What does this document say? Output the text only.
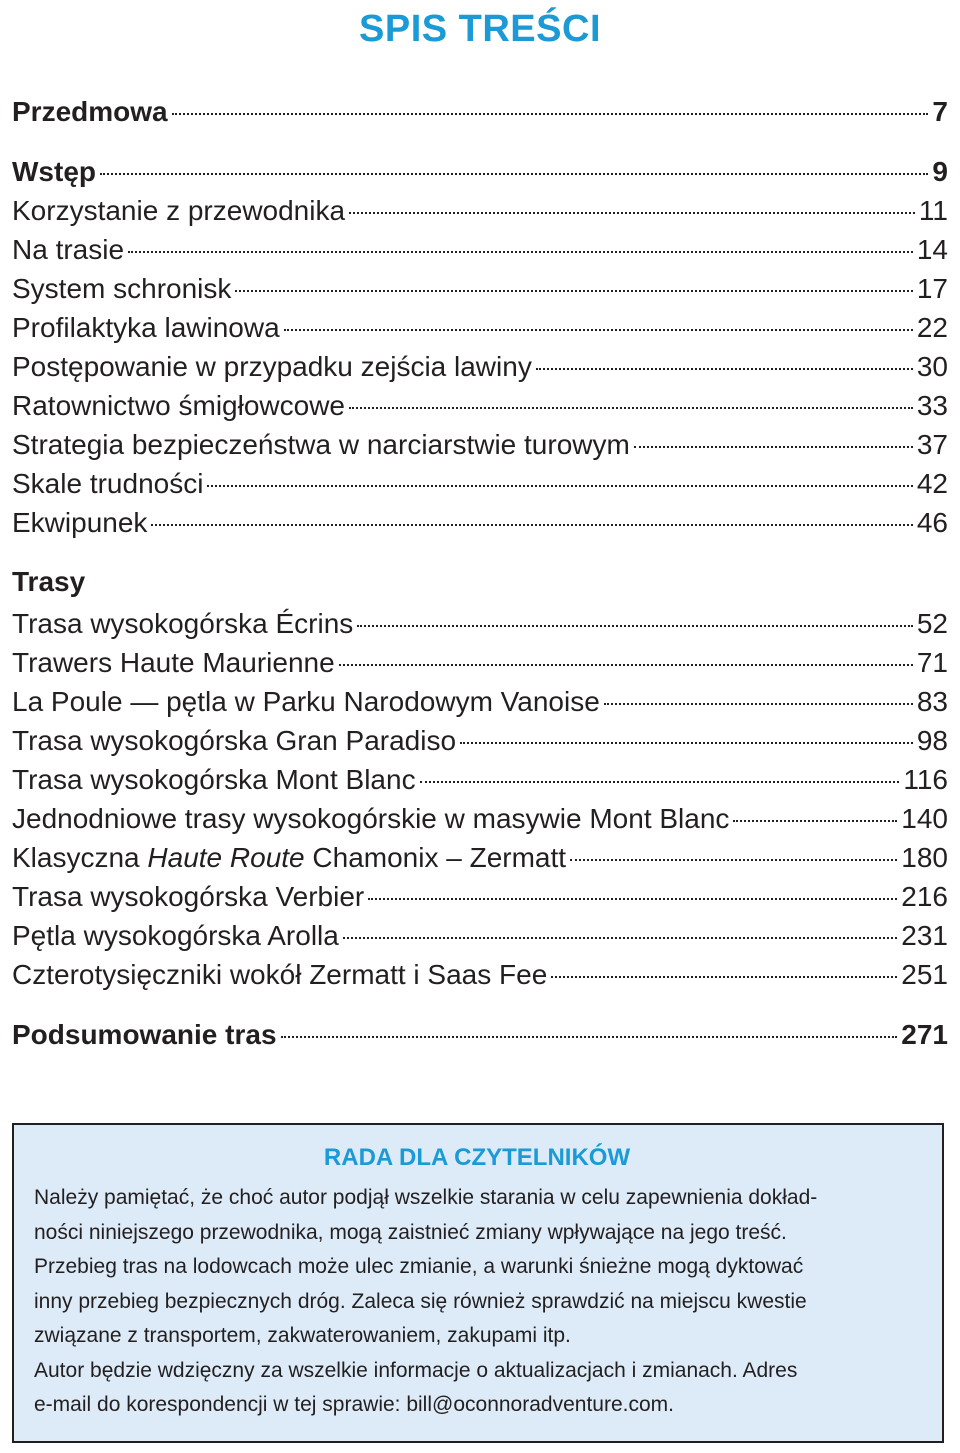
SPIS TREŚCI
Przedmowa	7
Wstęp	9
Korzystanie z przewodnika	11
Na trasie	14
System schronisk	17
Profilaktyka lawinowa	22
Postępowanie w przypadku zejścia lawiny	30
Ratownictwo śmigłowcowe	33
Strategia bezpieczeństwa w narciarstwie turowym	37
Skale trudności	42
Ekwipunek	46
Trasy
Trasa wysokogórska Écrins	52
Trawers Haute Maurienne	71
La Poule — pętla w Parku Narodowym Vanoise	83
Trasa wysokogórska Gran Paradiso	98
Trasa wysokogórska Mont Blanc	116
Jednodniowe trasy wysokogórskie w masywie Mont Blanc	140
Klasyczna Haute Route Chamonix – Zermatt	180
Trasa wysokogórska Verbier	216
Pętla wysokogórska Arolla	231
Czterotysięczniki wokół Zermatt i Saas Fee	251
Podsumowanie tras	271
RADA DLA CZYTELNIKÓW

Należy pamiętać, że choć autor podjął wszelkie starania w celu zapewnienia dokład-
ności niniejszego przewodnika, mogą zaistnieć zmiany wpływające na jego treść.
Przebieg tras na lodowcach może ulec zmianie, a warunki śnieżne mogą dyktować
inny przebieg bezpiecznych dróg. Zaleca się również sprawdzić na miejscu kwestie
związane z transportem, zakwaterowaniem, zakupami itp.
Autor będzie wdzięczny za wszelkie informacje o aktualizacjach i zmianach. Adres
e-mail do korespondencji w tej sprawie: bill@oconnoradventure.com.
